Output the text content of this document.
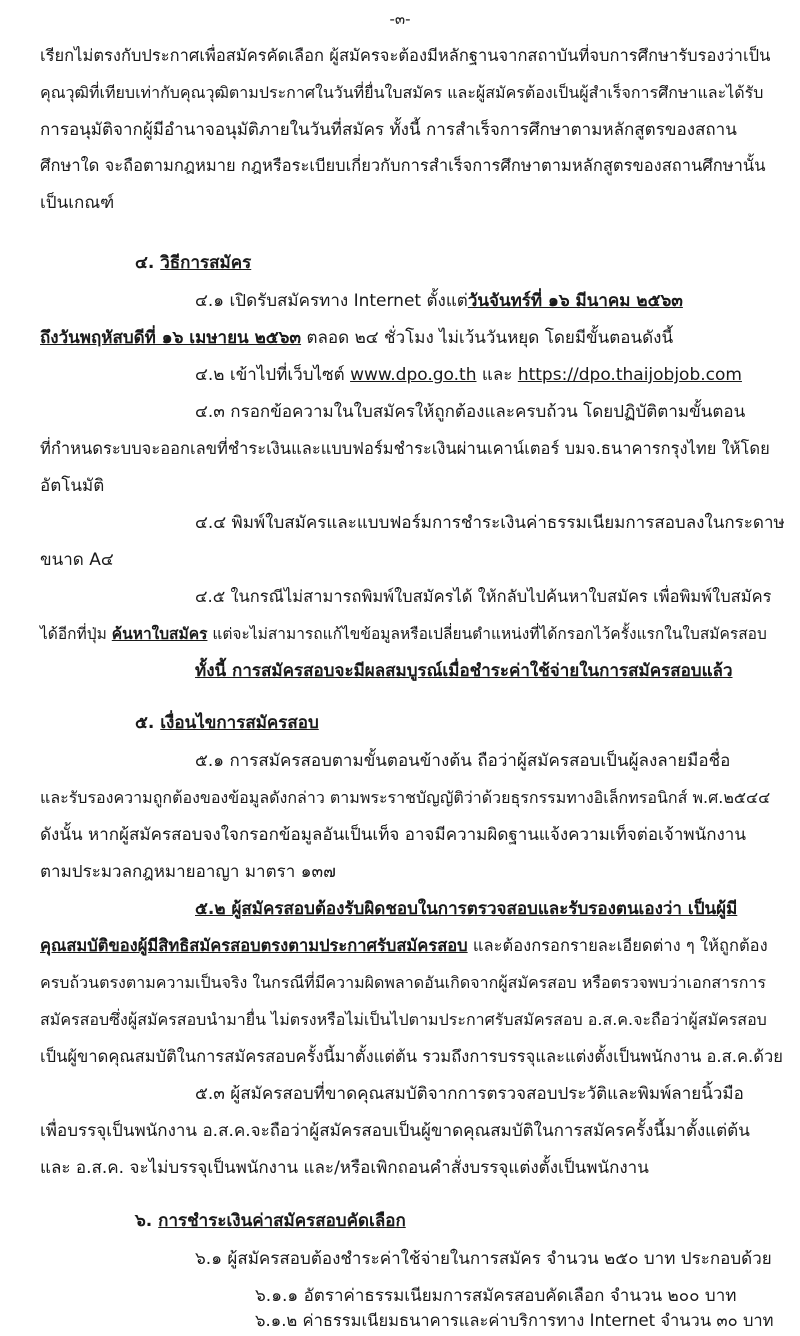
-๓-
เรียกไม่ตรงกับประกาศเพื่อสมัครคัดเลือก ผู้สมัครจะต้องมีหลักฐานจากสถาบันที่จบการศึกษารับรองว่าเป็น
คุณวุฒิที่เทียบเท่ากับคุณวุฒิตามประกาศในวันที่ยื่นใบสมัคร และผู้สมัครต้องเป็นผู้สำเร็จการศึกษาและได้รับ
การอนุมัติจากผู้มีอำนาจอนุมัติภายในวันที่สมัคร ทั้งนี้ การสำเร็จการศึกษาตามหลักสูตรของสถาน
ศึกษาใด จะถือตามกฎหมาย กฎหรือระเบียบเกี่ยวกับการสำเร็จการศึกษาตามหลักสูตรของสถานศึกษานั้น
เป็นเกณฑ์
๔. วิธีการสมัคร
๔.๑ เปิดรับสมัครทาง Internet ตั้งแต่วันจันทร์ที่ ๑๖ มีนาคม ๒๕๖๓
ถึงวันพฤหัสบดีที่ ๑๖ เมษายน ๒๕๖๓ ตลอด ๒๔ ชั่วโมง ไม่เว้นวันหยุด โดยมีขั้นตอนดังนี้
๔.๒ เข้าไปที่เว็บไซต์ www.dpo.go.th และ https://dpo.thaijobjob.com
๔.๓ กรอกข้อความในใบสมัครให้ถูกต้องและครบถ้วน โดยปฏิบัติตามขั้นตอน
ที่กำหนดระบบจะออกเลขที่ชำระเงินและแบบฟอร์มชำระเงินผ่านเคาน์เตอร์ บมจ.ธนาคารกรุงไทย ให้โดย
อัตโนมัติ
๔.๔ พิมพ์ใบสมัครและแบบฟอร์มการชำระเงินค่าธรรมเนียมการสอบลงในกระดาษ
ขนาด A๔
๔.๕ ในกรณีไม่สามารถพิมพ์ใบสมัครได้ ให้กลับไปค้นหาใบสมัคร เพื่อพิมพ์ใบสมัคร
ได้อีกที่ปุ่ม ค้นหาใบสมัคร แต่จะไม่สามารถแก้ไขข้อมูลหรือเปลี่ยนตำแหน่งที่ได้กรอกไว้ครั้งแรกในใบสมัครสอบ
ทั้งนี้ การสมัครสอบจะมีผลสมบูรณ์เมื่อชำระค่าใช้จ่ายในการสมัครสอบแล้ว
๕. เงื่อนไขการสมัครสอบ
๕.๑ การสมัครสอบตามขั้นตอนข้างต้น ถือว่าผู้สมัครสอบเป็นผู้ลงลายมือชื่อ
และรับรองความถูกต้องของข้อมูลดังกล่าว ตามพระราชบัญญัติว่าด้วยธุรกรรมทางอิเล็กทรอนิกส์ พ.ศ.๒๕๔๔
ดังนั้น หากผู้สมัครสอบจงใจกรอกข้อมูลอันเป็นเท็จ อาจมีความผิดฐานแจ้งความเท็จต่อเจ้าพนักงาน
ตามประมวลกฎหมายอาญา มาตรา ๑๓๗
๕.๒ ผู้สมัครสอบต้องรับผิดชอบในการตรวจสอบและรับรองตนเองว่า เป็นผู้มี
คุณสมบัติของผู้มีสิทธิสมัครสอบตรงตามประกาศรับสมัครสอบ และต้องกรอกรายละเอียดต่าง ๆ ให้ถูกต้อง
ครบถ้วนตรงตามความเป็นจริง ในกรณีที่มีความผิดพลาดอันเกิดจากผู้สมัครสอบ หรือตรวจพบว่าเอกสารการ
สมัครสอบซึ่งผู้สมัครสอบนำมายื่น ไม่ตรงหรือไม่เป็นไปตามประกาศรับสมัครสอบ อ.ส.ค.จะถือว่าผู้สมัครสอบ
เป็นผู้ขาดคุณสมบัติในการสมัครสอบครั้งนี้มาตั้งแต่ต้น รวมถึงการบรรจุและแต่งตั้งเป็นพนักงาน อ.ส.ค.ด้วย
๕.๓ ผู้สมัครสอบที่ขาดคุณสมบัติจากการตรวจสอบประวัติและพิมพ์ลายนิ้วมือ
เพื่อบรรจุเป็นพนักงาน อ.ส.ค.จะถือว่าผู้สมัครสอบเป็นผู้ขาดคุณสมบัติในการสมัครครั้งนี้มาตั้งแต่ต้น
และ อ.ส.ค. จะไม่บรรจุเป็นพนักงาน และ/หรือเพิกถอนคำสั่งบรรจุแต่งตั้งเป็นพนักงาน
๖. การชำระเงินค่าสมัครสอบคัดเลือก
๖.๑ ผู้สมัครสอบต้องชำระค่าใช้จ่ายในการสมัคร จำนวน ๒๕๐ บาท ประกอบด้วย
๖.๑.๑ อัตราค่าธรรมเนียมการสมัครสอบคัดเลือก จำนวน ๒๐๐ บาท
๖.๑.๒ ค่าธรรมเนียมธนาคารและค่าบริการทาง Internet จำนวน ๓๐ บาท
